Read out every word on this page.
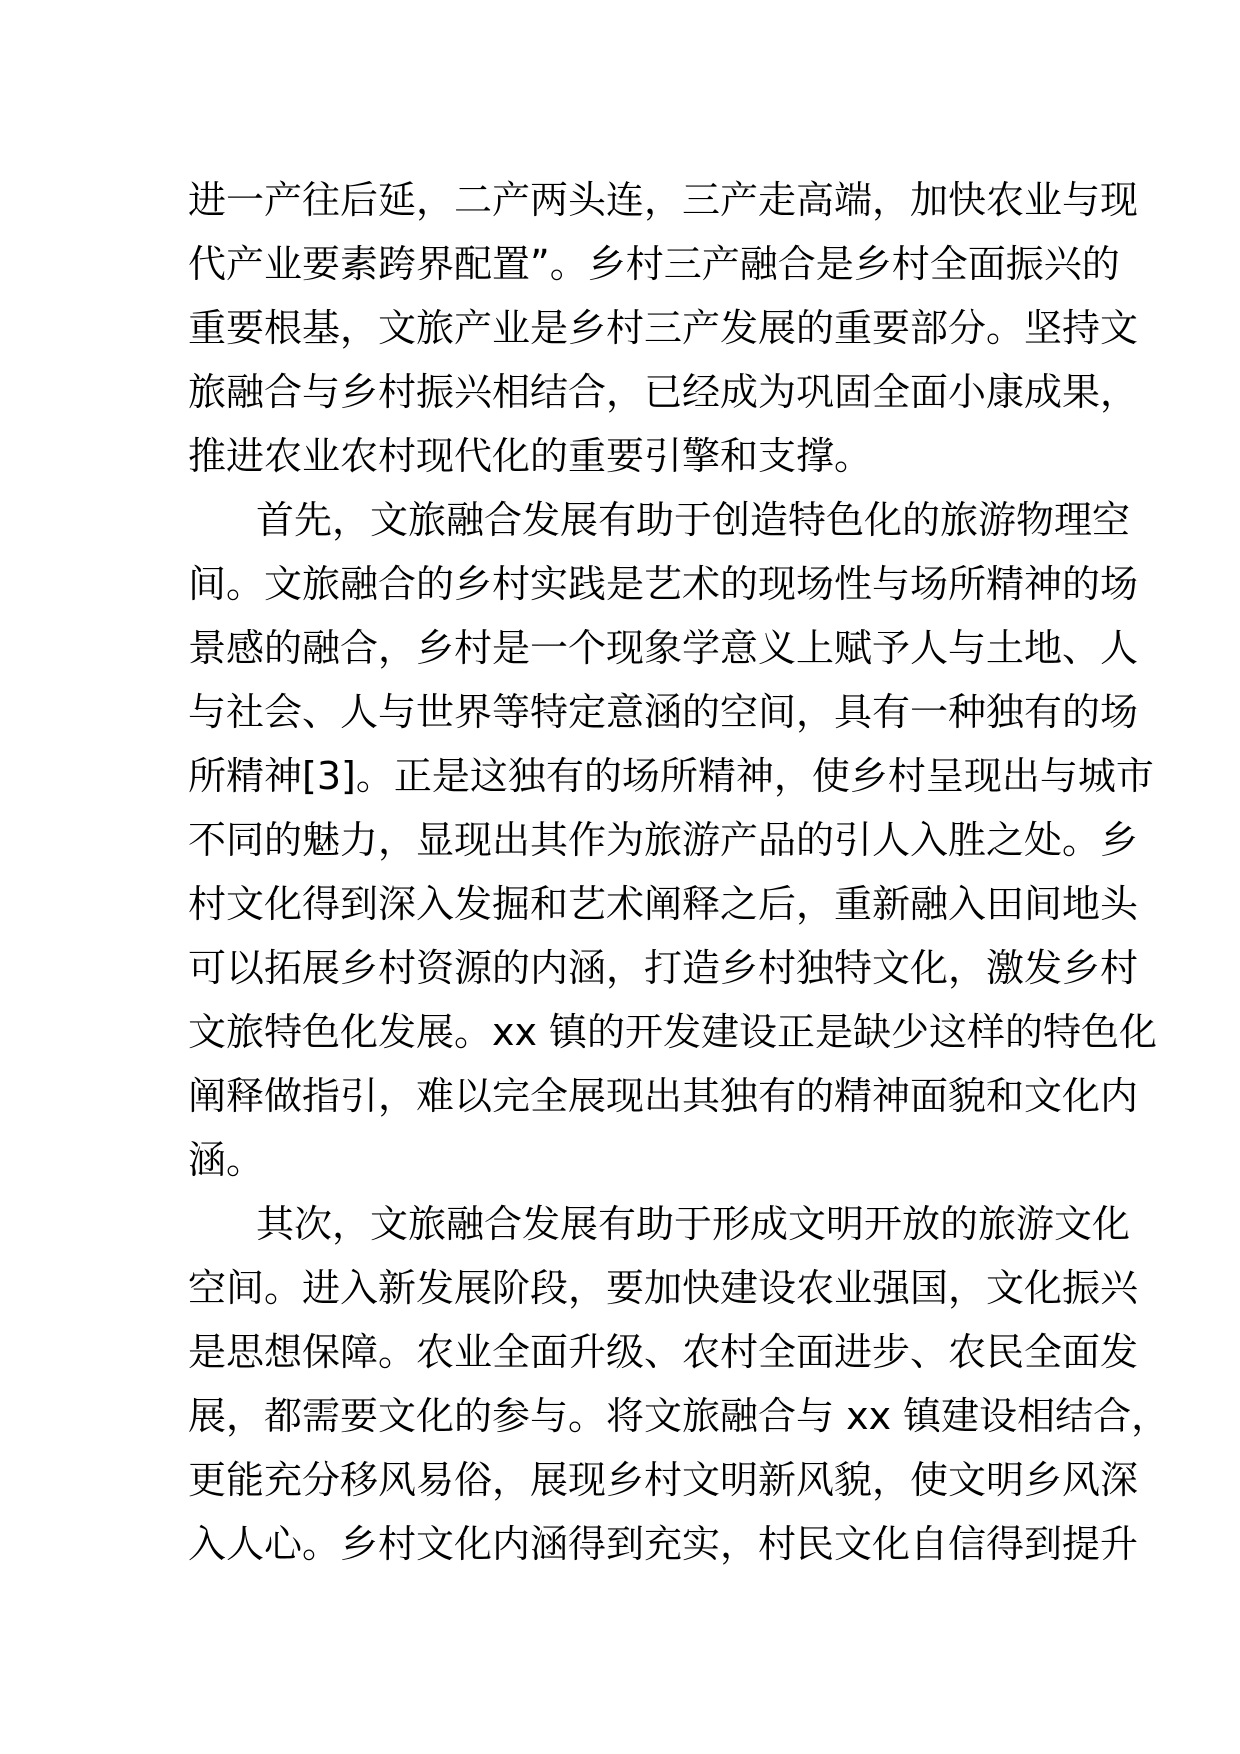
进一产往后延，二产两头连，三产走高端，加快农业与现
代产业要素跨界配置”。乡村三产融合是乡村全面振兴的
重要根基，文旅产业是乡村三产发展的重要部分。坚持文
旅融合与乡村振兴相结合，已经成为巩固全面小康成果，
推进农业农村现代化的重要引擎和支撑。
首先，文旅融合发展有助于创造特色化的旅游物理空
间。文旅融合的乡村实践是艺术的现场性与场所精神的场
景感的融合，乡村是一个现象学意义上赋予人与土地、人
与社会、人与世界等特定意涵的空间，具有一种独有的场
所精神[3]。正是这独有的场所精神，使乡村呈现出与城市
不同的魅力，显现出其作为旅游产品的引人入胜之处。乡
村文化得到深入发掘和艺术阐释之后，重新融入田间地头
可以拓展乡村资源的内涵，打造乡村独特文化，激发乡村
文旅特色化发展。xx 镇的开发建设正是缺少这样的特色化
阐释做指引，难以完全展现出其独有的精神面貌和文化内
涵。
其次，文旅融合发展有助于形成文明开放的旅游文化
空间。进入新发展阶段，要加快建设农业强国，文化振兴
是思想保障。农业全面升级、农村全面进步、农民全面发
展，都需要文化的参与。将文旅融合与 xx 镇建设相结合，
更能充分移风易俗，展现乡村文明新风貌，使文明乡风深
入人心。乡村文化内涵得到充实，村民文化自信得到提升
